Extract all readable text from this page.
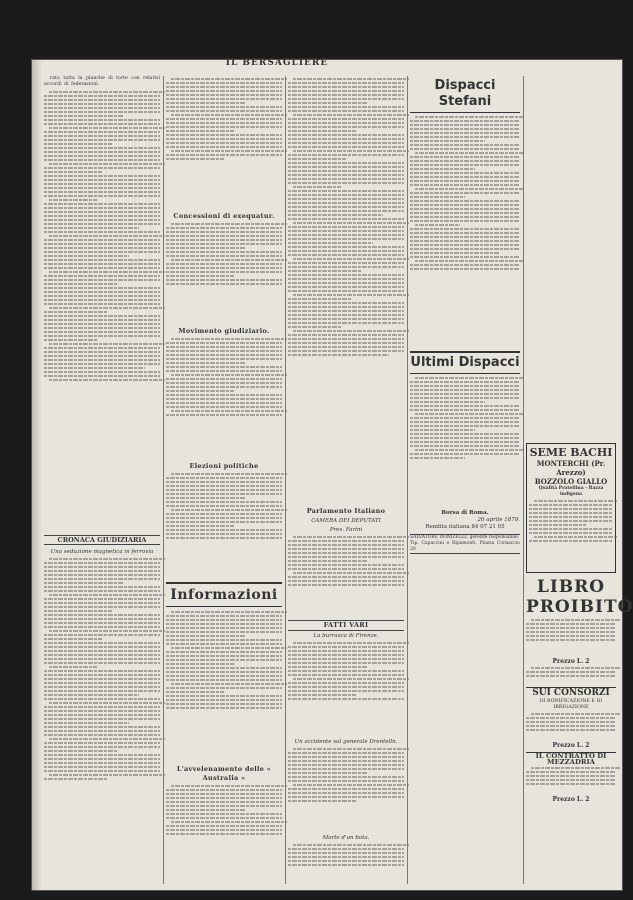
IL BERSAGLIERE

ratu tutta la planche di torte con relativi accordi di federazioni.

CRONACA GIUDIZIARIA
Una seduzione magnetica in ferrovia
Concessioni di exequatur.
Movimento giudiziario.
Elezioni politiche
Informazioni
L'avvelenamento delle « Australia »
Parlamento Italiano
CAMERA DEI DEPUTATI
Pres. Farini
FATTI VARI
La burrasca di Firenze.
Un accidente sul generale Drentelln.
Morte d'un bota.
Dispacci Stefani
Ultimi Dispacci
Borsa di Roma.
26 aprile 1879.
Rendita italiana 84 07 21 05
SALVATORE DONIZELLI, gerente responsabile.
Tip. Capaccini e Ripamonti, Piazza Cornaccio 20
SEME BACHI
MONTERCHI (Pr. Arezzo)
BOZZOLO GIALLO
Qualità Pratellina - Razza indigena
LIBRO PROIBITO
Prezzo L. 2
SUI CONSORZI
DI BONIFICAZIONE E DI IRRIGAZIONE
Prezzo L. 2
IL CONTRATTO DI MEZZADRIA
Prezzo L. 2
